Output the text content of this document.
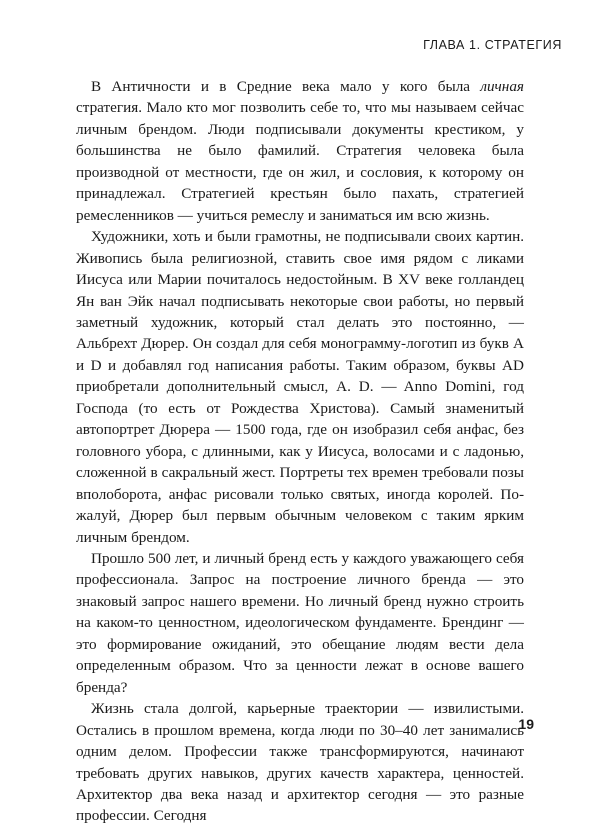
ГЛАВА 1. СТРАТЕГИЯ

В Античности и в Средние века мало у кого была личная стратегия. Мало кто мог позволить себе то, что мы называем сейчас личным брендом. Люди подписывали документы крестиком, у большинства не было фамилий. Стратегия человека была производной от местности, где он жил, и сословия, к которому он принадлежал. Стратегией крестьян было пахать, стратегией ремесленников — учиться ремеслу и заниматься им всю жизнь.

Художники, хоть и были грамотны, не подписывали своих картин. Живопись была религиозной, ставить свое имя рядом с ликами Иисуса или Марии почиталось недостойным. В XV веке голландец Ян ван Эйк начал подписывать некоторые свои работы, но первый заметный художник, который стал делать это постоянно, — Альбрехт Дюрер. Он создал для себя монограмму-логотип из букв A и D и добавлял год написания работы. Таким образом, буквы AD приобретали дополнительный смысл, A. D. — Anno Domini, год Господа (то есть от Рождества Христова). Самый знаменитый автопортрет Дюрера — 1500 года, где он изобразил себя анфас, без головного убора, с длинными, как у Иисуса, волосами и с ладонью, сложенной в сакральный жест. Портреты тех времен требовали позы вполоборота, анфас рисовали только святых, иногда королей. Пожалуй, Дюрер был первым обычным человеком с таким ярким личным брендом.

Прошло 500 лет, и личный бренд есть у каждого уважающего себя профессионала. Запрос на построение личного бренда — это знаковый запрос нашего времени. Но личный бренд нужно строить на каком-то ценностном, идеологическом фундаменте. Брендинг — это формирование ожиданий, это обещание людям вести дела определенным образом. Что за ценности лежат в основе вашего бренда?

Жизнь стала долгой, карьерные траектории — извилистыми. Остались в прошлом времена, когда люди по 30–40 лет занимались одним делом. Профессии также трансформируются, начинают требовать других навыков, других качеств характера, ценностей. Архитектор два века назад и архитектор сегодня — это разные профессии. Сегодня

19
